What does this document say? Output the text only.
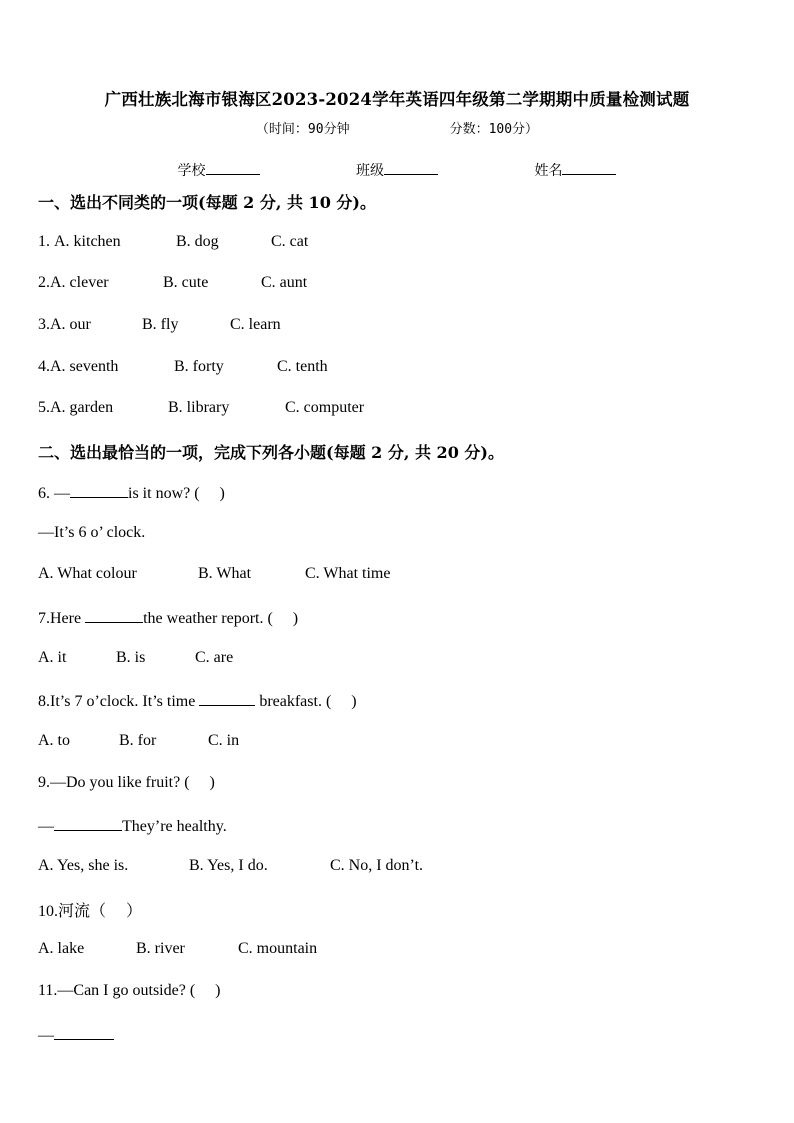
广西壮族北海市银海区2023-2024学年英语四年级第二学期期中质量检测试题
（时间：90分钟	分数：100分）
学校	班级	姓名
一、选出不同类的一项(每题 2 分, 共 10 分)。
1. A. kitchen	B. dog	C. cat
2.A. clever	B. cute	C. aunt
3.A. our	B. fly	C. learn
4.A. seventh	B. forty	C. tenth
5.A. garden	B. library	C. computer
二、选出最恰当的一项，完成下列各小题(每题 2 分, 共 20 分)。
6. —	is it now? (     )
—It’s 6 o’ clock.
A. What colour	B. What	C. What time
7.Here	the weather report. (     )
A. it	B. is	C. are
8.It’s 7 o’clock. It’s time	breakfast. (     )
A. to	B. for	C. in
9.—Do you like fruit? (     )
—	They’re healthy.
A. Yes, she is.	B. Yes, I do.	C. No, I don’t.
10.河流（     ）
A. lake	B. river	C. mountain
11.—Can I go outside? (     )
—
